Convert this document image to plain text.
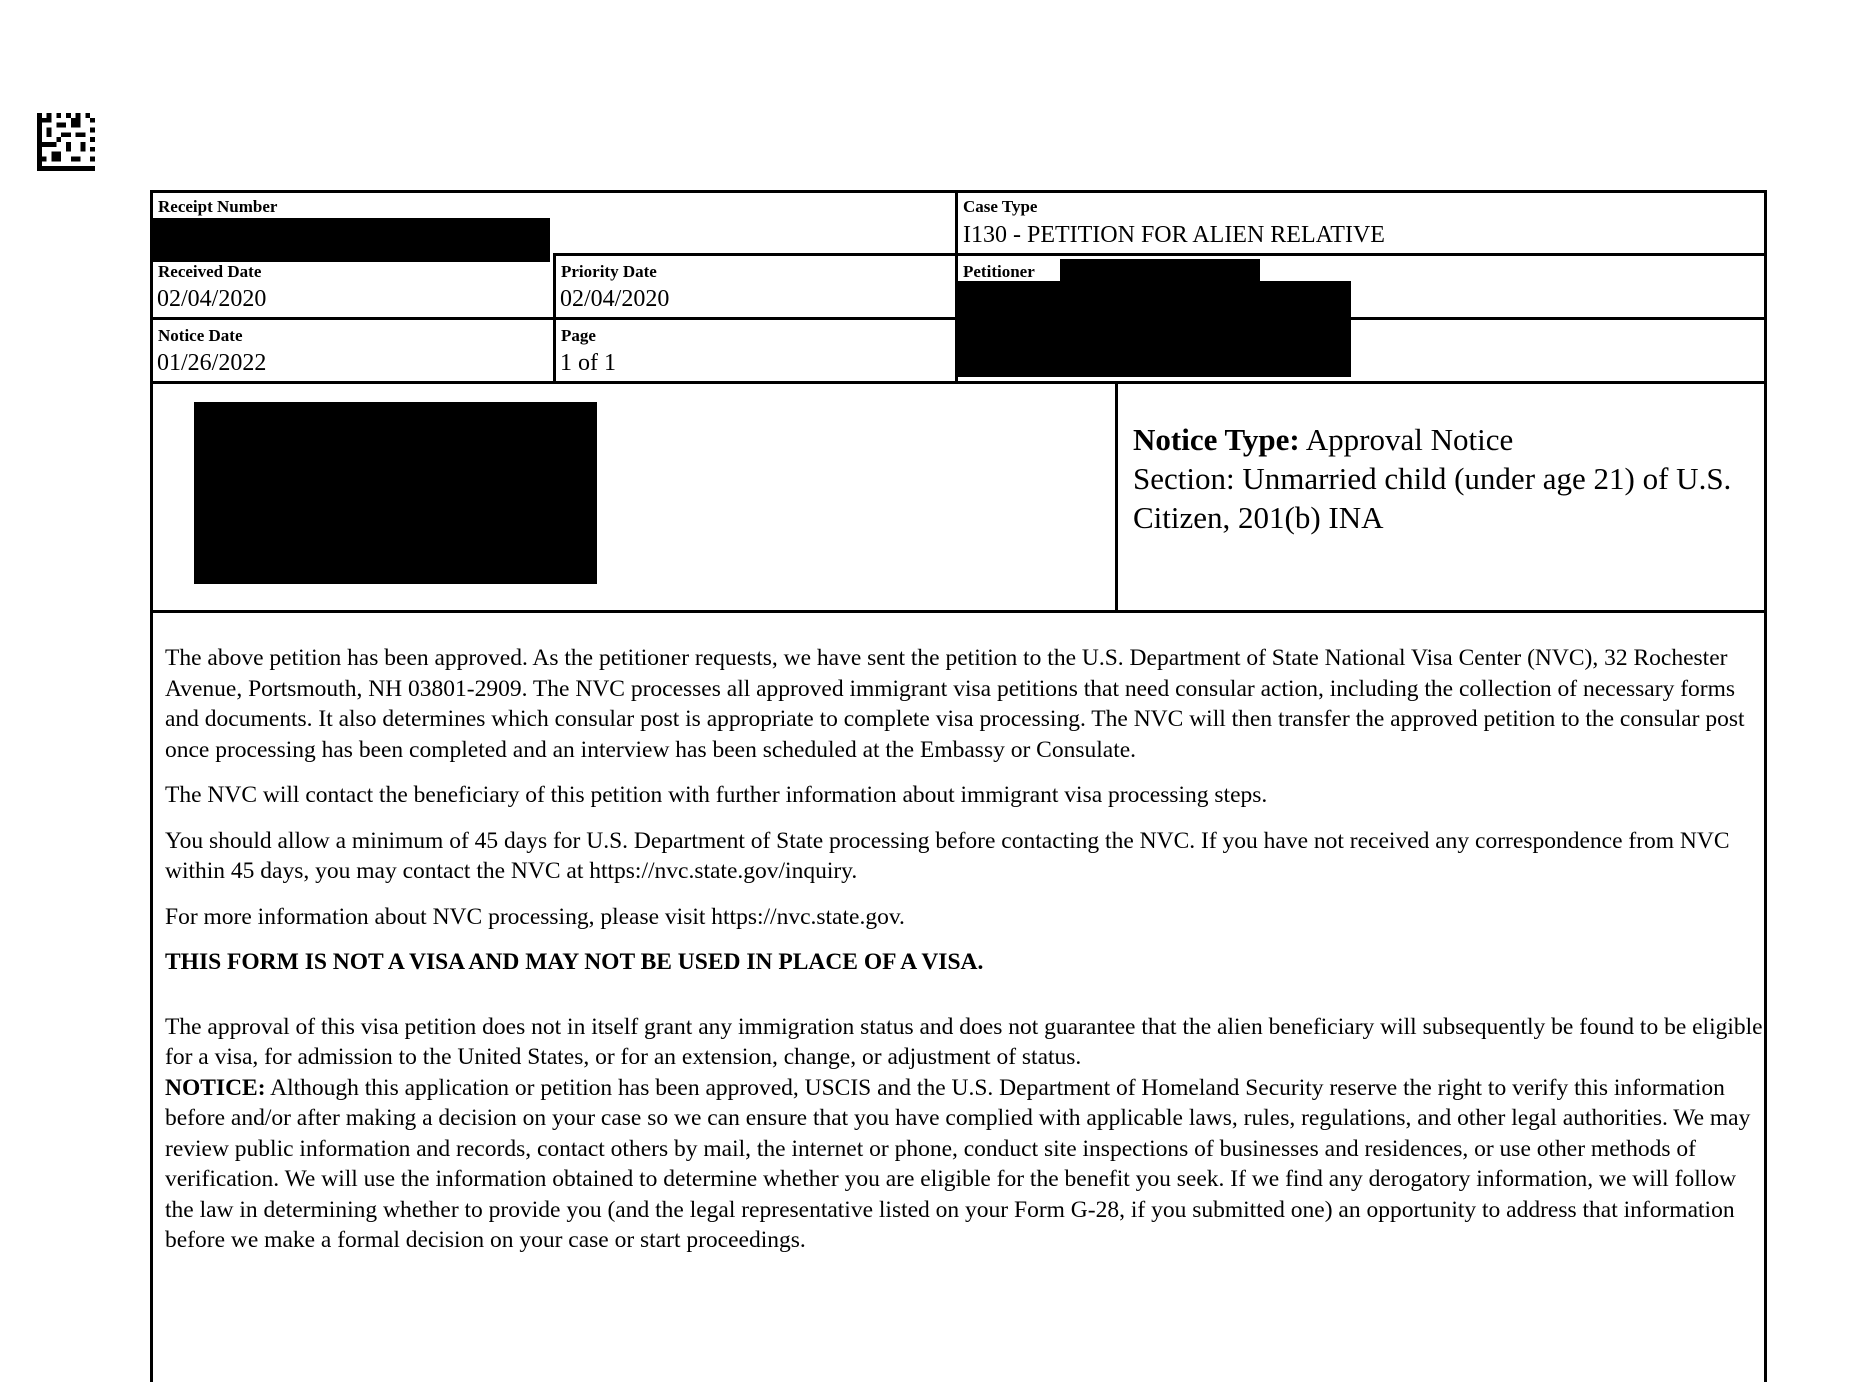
Receipt Number	Case Type
I130 - PETITION FOR ALIEN RELATIVE
Received Date
02/04/2020
Priority Date
02/04/2020
Petitioner
Notice Date
01/26/2022
Page
1 of 1
Notice Type: Approval Notice
Section: Unmarried child (under age 21) of U.S. Citizen, 201(b) INA

The above petition has been approved. As the petitioner requests, we have sent the petition to the U.S. Department of State National Visa Center (NVC), 32 Rochester Avenue, Portsmouth, NH 03801-2909. The NVC processes all approved immigrant visa petitions that need consular action, including the collection of necessary forms and documents. It also determines which consular post is appropriate to complete visa processing. The NVC will then transfer the approved petition to the consular post once processing has been completed and an interview has been scheduled at the Embassy or Consulate.

The NVC will contact the beneficiary of this petition with further information about immigrant visa processing steps.

You should allow a minimum of 45 days for U.S. Department of State processing before contacting the NVC. If you have not received any correspondence from NVC within 45 days, you may contact the NVC at https://nvc.state.gov/inquiry.

For more information about NVC processing, please visit https://nvc.state.gov.

THIS FORM IS NOT A VISA AND MAY NOT BE USED IN PLACE OF A VISA.

The approval of this visa petition does not in itself grant any immigration status and does not guarantee that the alien beneficiary will subsequently be found to be eligible for a visa, for admission to the United States, or for an extension, change, or adjustment of status.

NOTICE: Although this application or petition has been approved, USCIS and the U.S. Department of Homeland Security reserve the right to verify this information before and/or after making a decision on your case so we can ensure that you have complied with applicable laws, rules, regulations, and other legal authorities. We may review public information and records, contact others by mail, the internet or phone, conduct site inspections of businesses and residences, or use other methods of verification. We will use the information obtained to determine whether you are eligible for the benefit you seek. If we find any derogatory information, we will follow the law in determining whether to provide you (and the legal representative listed on your Form G-28, if you submitted one) an opportunity to address that information before we make a formal decision on your case or start proceedings.
